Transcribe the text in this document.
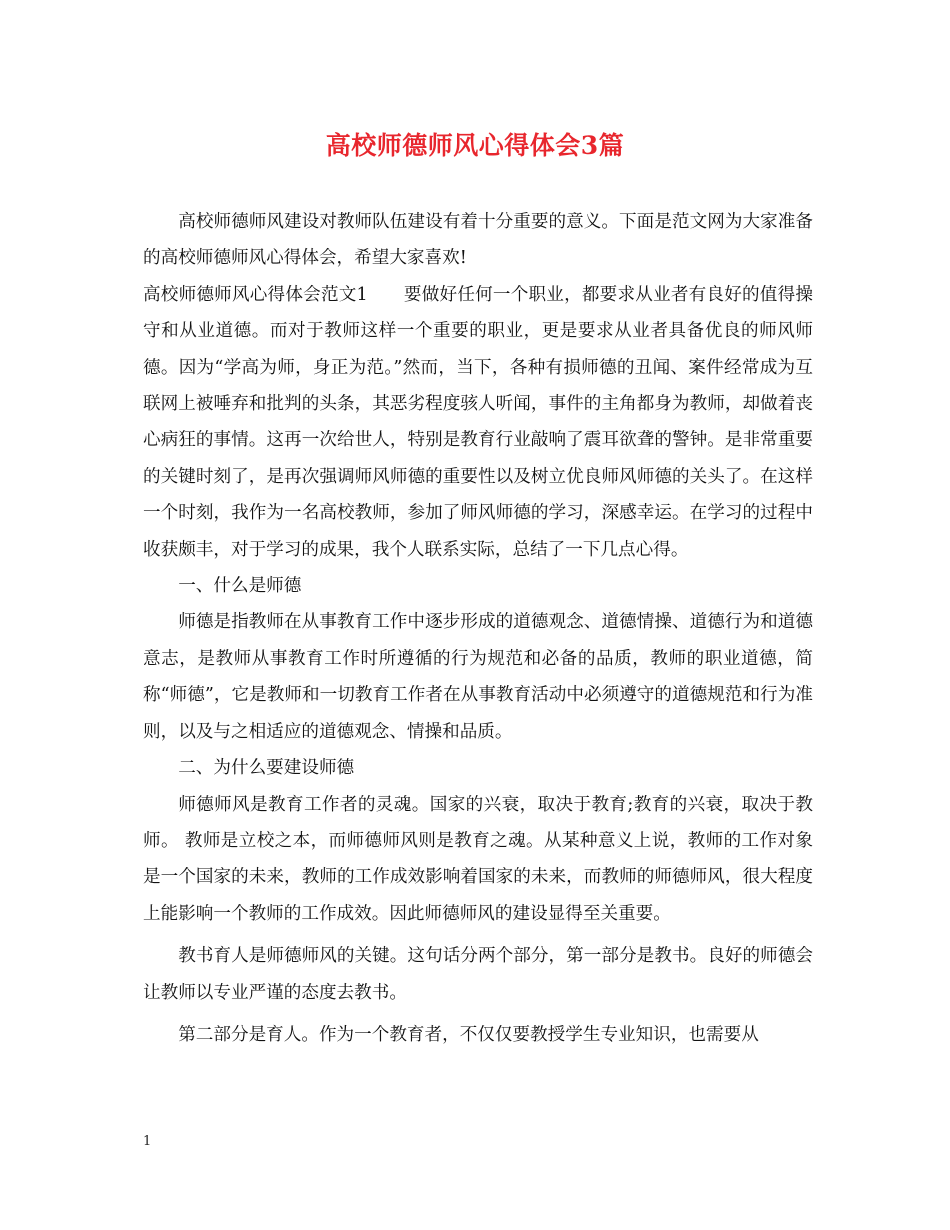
高校师德师风心得体会3篇

高校师德师风建设对教师队伍建设有着十分重要的意义。下面是范文网为大家准备的高校师德师风心得体会，希望大家喜欢!

高校师德师风心得体会范文1 要做好任何一个职业，都要求从业者有良好的值得操守和从业道德。而对于教师这样一个重要的职业，更是要求从业者具备优良的师风师德。因为“学高为师，身正为范。”然而，当下，各种有损师德的丑闻、案件经常成为互联网上被唾弃和批判的头条，其恶劣程度骇人听闻，事件的主角都身为教师，却做着丧心病狂的事情。这再一次给世人，特别是教育行业敲响了震耳欲聋的警钟。是非常重要的关键时刻了，是再次强调师风师德的重要性以及树立优良师风师德的关头了。在这样一个时刻，我作为一名高校教师，参加了师风师德的学习，深感幸运。在学习的过程中收获颇丰，对于学习的成果，我个人联系实际，总结了一下几点心得。

一、什么是师德

师德是指教师在从事教育工作中逐步形成的道德观念、道德情操、道德行为和道德意志，是教师从事教育工作时所遵循的行为规范和必备的品质，教师的职业道德，简称“师德”，它是教师和一切教育工作者在从事教育活动中必须遵守的道德规范和行为准则，以及与之相适应的道德观念、情操和品质。

二、为什么要建设师德

师德师风是教育工作者的灵魂。国家的兴衰，取决于教育;教育的兴衰，取决于教师。 教师是立校之本，而师德师风则是教育之魂。从某种意义上说，教师的工作对象是一个国家的未来，教师的工作成效影响着国家的未来，而教师的师德师风，很大程度上能影响一个教师的工作成效。因此师德师风的建设显得至关重要。

教书育人是师德师风的关键。这句话分两个部分，第一部分是教书。良好的师德会让教师以专业严谨的态度去教书。

第二部分是育人。作为一个教育者，不仅仅要教授学生专业知识，也需要从

1
